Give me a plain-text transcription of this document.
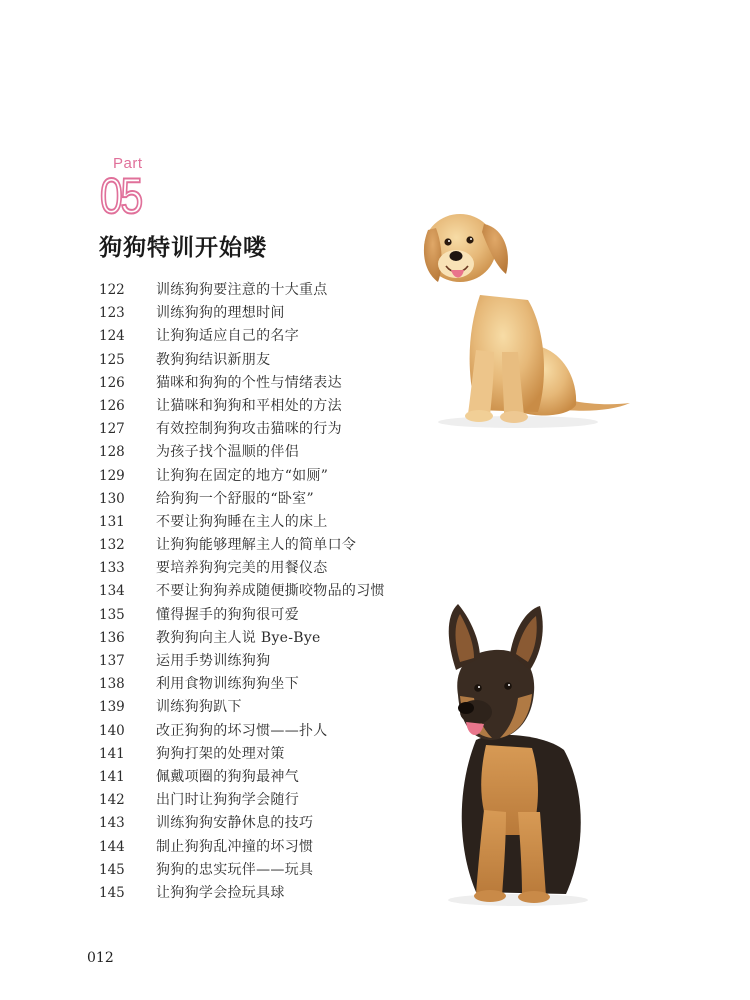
Part
05
狗狗特训开始喽
122 训练狗狗要注意的十大重点
123 训练狗狗的理想时间
124 让狗狗适应自己的名字
125 教狗狗结识新朋友
126 猫咪和狗狗的个性与情绪表达
126 让猫咪和狗狗和平相处的方法
127 有效控制狗狗攻击猫咪的行为
128 为孩子找个温顺的伴侣
129 让狗狗在固定的地方“如厕”
130 给狗狗一个舒服的“卧室”
131 不要让狗狗睡在主人的床上
132 让狗狗能够理解主人的简单口令
133 要培养狗狗完美的用餐仪态
134 不要让狗狗养成随便撕咬物品的习惯
135 懂得握手的狗狗很可爱
136 教狗狗向主人说 Bye-Bye
137 运用手势训练狗狗
138 利用食物训练狗狗坐下
139 训练狗狗趴下
140 改正狗狗的坏习惯——扑人
141 狗狗打架的处理对策
141 佩戴项圈的狗狗最神气
142 出门时让狗狗学会随行
143 训练狗狗安静休息的技巧
144 制止狗狗乱冲撞的坏习惯
145 狗狗的忠实玩伴——玩具
145 让狗狗学会捡玩具球
012
